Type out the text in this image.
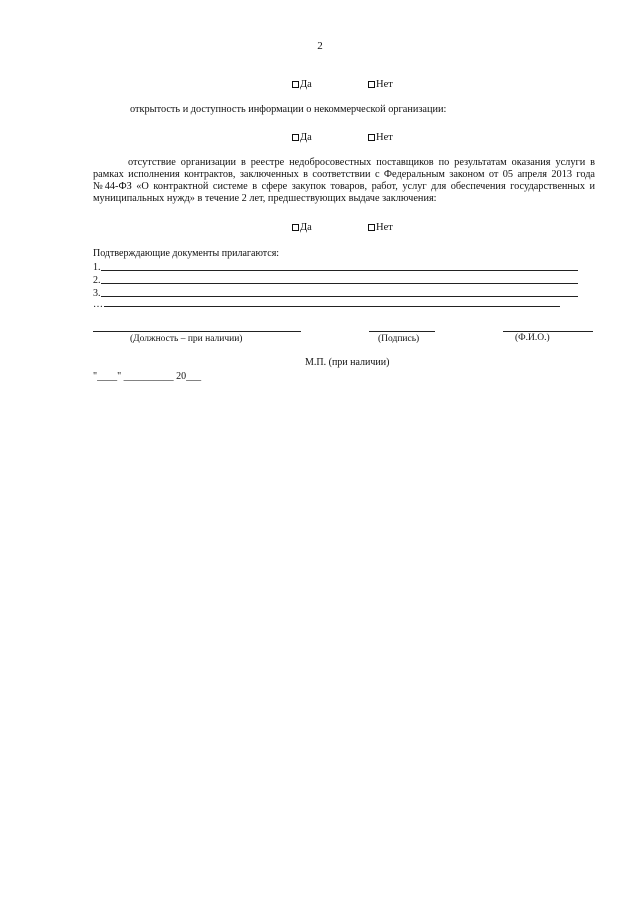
2
Да	Нет
открытость и доступность информации о некоммерческой организации:
Да	Нет
отсутствие организации в реестре недобросовестных поставщиков по результатам оказания услуги в рамках исполнения контрактов, заключенных в соответствии с Федеральным законом от 05 апреля 2013 года №44-ФЗ «О контрактной системе в сфере закупок товаров, работ, услуг для обеспечения государственных и муниципальных нужд» в течение 2 лет, предшествующих выдаче заключения:
Да	Нет
Подтверждающие документы прилагаются:
1.
2.
3.
…
(Должность – при наличии)	(Подпись)	(Ф.И.О.)
М.П. (при наличии)
"____" __________ 20___
